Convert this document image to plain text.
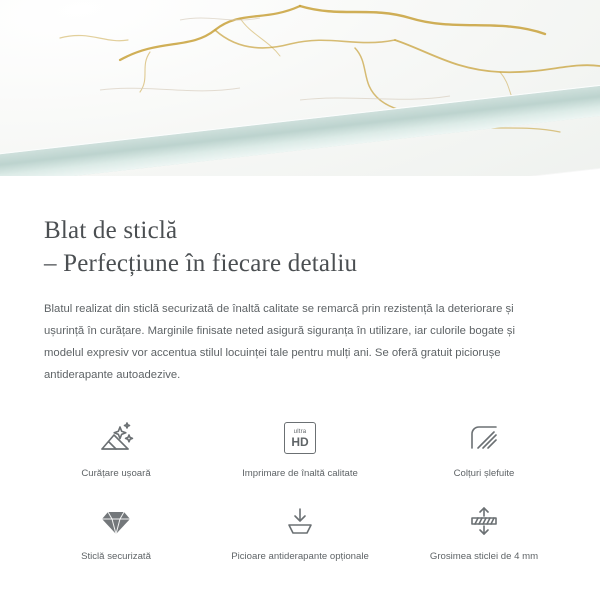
Blat de sticlă
– Perfecțiune în fiecare detaliu

Blatul realizat din sticlă securizată de înaltă calitate se remarcă prin rezistență la deteriorare și ușurință în curățare. Marginile finisate neted asigură siguranța în utilizare, iar culorile bogate și modelul expresiv vor accentua stilul locuinței tale pentru mulți ani. Se oferă gratuit piciorușe antiderapante autoadezive.

Curățare ușoară
ultra
HD
Imprimare de înaltă calitate	Colțuri șlefuite
Sticlă securizată	Picioare antiderapante opționale	Grosimea sticlei de 4 mm
